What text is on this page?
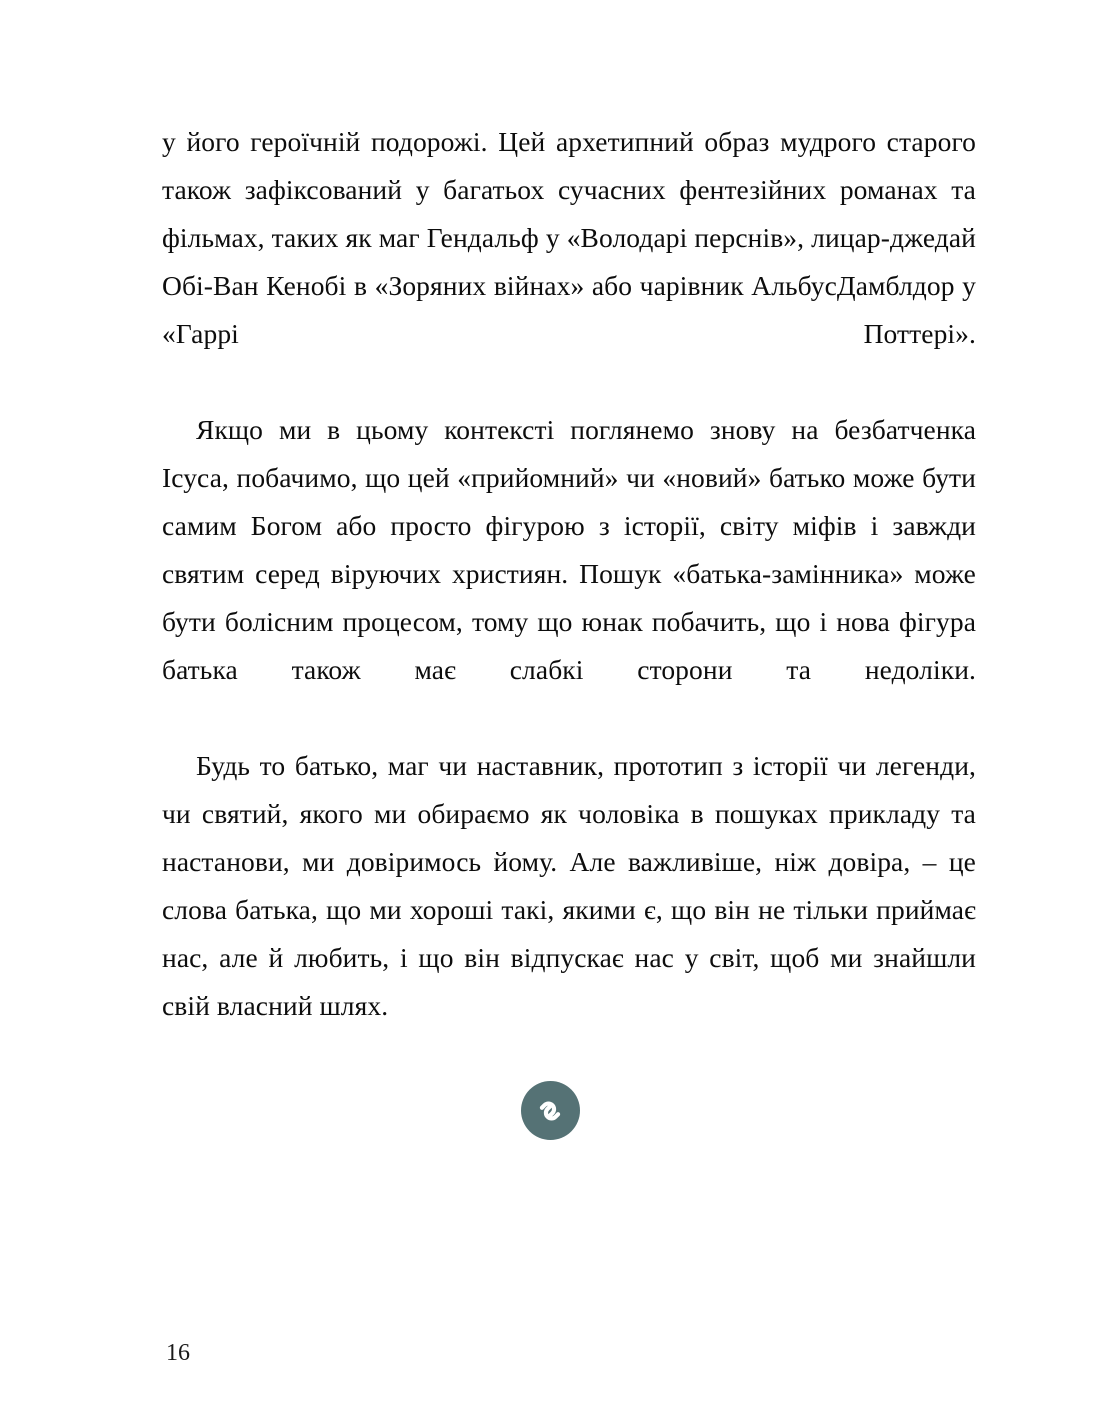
у його героїчній подорожі. Цей архетипний образ мудрого старого також зафіксований у багатьох сучасних фентезійних романах та фільмах, таких як маг Гендальф у «Володарі перснів», лицар-джедай Обі-Ван Кенобі в «Зоряних війнах» або чарівник АльбусДамблдор у «Гаррі Поттері».

Якщо ми в цьому контексті поглянемо знову на безбатченка Ісуса, побачимо, що цей «прийомний» чи «новий» батько може бути самим Богом або просто фігурою з історії, світу міфів і завжди святим серед віруючих християн. Пошук «батька-замінника» може бути болісним процесом, тому що юнак побачить, що і нова фігура батька також має слабкі сторони та недоліки.

Будь то батько, маг чи наставник, прототип з історії чи легенди, чи святий, якого ми обираємо як чоловіка в пошуках прикладу та настанови, ми довіримось йому. Але важливіше, ніж довіра, – це слова батька, що ми хороші такі, якими є, що він не тільки приймає нас, але й любить, і що він відпускає нас у світ, щоб ми знайшли свій власний шлях.

16
